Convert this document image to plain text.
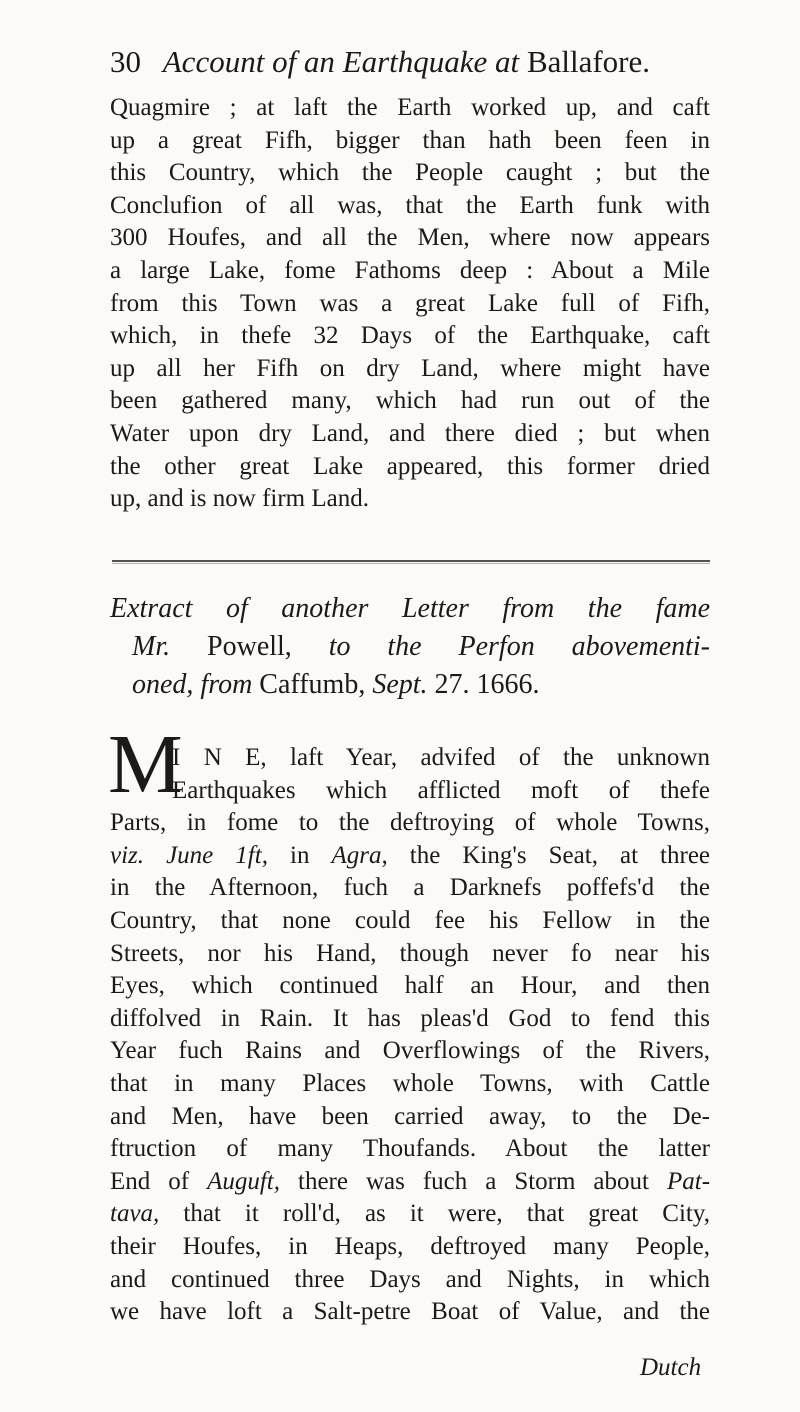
30 Account of an Earthquake at Ballafore.
Quagmire ; at laft the Earth worked up, and caft
up a great Fifh, bigger than hath been feen in
this Country, which the People caught ; but the
Conclufion of all was, that the Earth funk with
300 Houfes, and all the Men, where now appears
a large Lake, fome Fathoms deep : About a Mile
from this Town was a great Lake full of Fifh,
which, in thefe 32 Days of the Earthquake, caft
up all her Fifh on dry Land, where might have
been gathered many, which had run out of the
Water upon dry Land, and there died ; but when
the other great Lake appeared, this former dried
up, and is now firm Land.
Extract of another Letter from the fame
Mr. Powell, to the Perfon abovementi-
oned, from Caffumb, Sept. 27. 1666.
M
I N E, laft Year, advifed of the unknown
Earthquakes which afflicted moft of thefe
Parts, in fome to the deftroying of whole Towns,
viz. June 1ft, in Agra, the King's Seat, at three
in the Afternoon, fuch a Darknefs poffefs'd the
Country, that none could fee his Fellow in the
Streets, nor his Hand, though never fo near his
Eyes, which continued half an Hour, and then
diffolved in Rain. It has pleas'd God to fend this
Year fuch Rains and Overflowings of the Rivers,
that in many Places whole Towns, with Cattle
and Men, have been carried away, to the De-
ftruction of many Thoufands. About the latter
End of Auguft, there was fuch a Storm about Pat-
tava, that it roll'd, as it were, that great City,
their Houfes, in Heaps, deftroyed many People,
and continued three Days and Nights, in which
we have loft a Salt-petre Boat of Value, and the
Dutch
